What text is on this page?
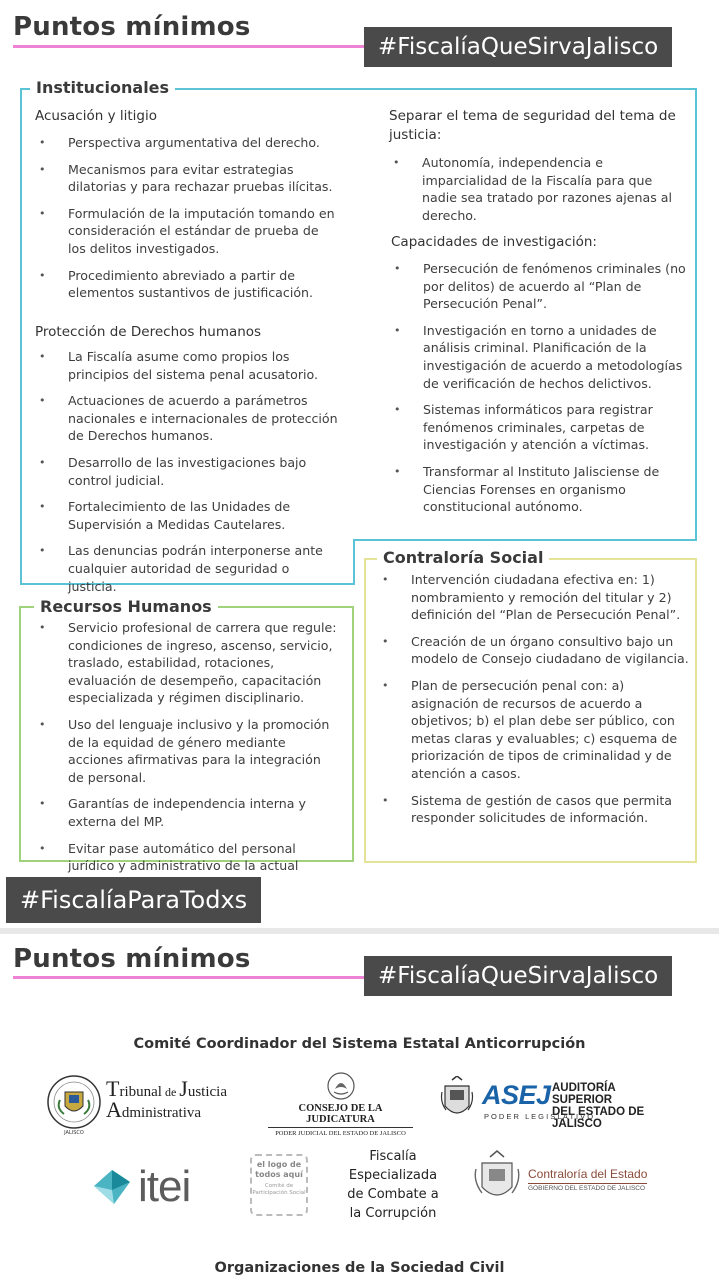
Puntos mínimos
#FiscalíaQueSirvaJalisco
Institucionales
Acusación y litigio
• Perspectiva argumentativa del derecho.
• Mecanismos para evitar estrategias dilatorias y para rechazar pruebas ilícitas.
• Formulación de la imputación tomando en consideración el estándar de prueba de los delitos investigados.
• Procedimiento abreviado a partir de elementos sustantivos de justificación.
Protección de Derechos humanos
• La Fiscalía asume como propios los principios del sistema penal acusatorio.
• Actuaciones de acuerdo a parámetros nacionales e internacionales de protección de Derechos humanos.
• Desarrollo de las investigaciones bajo control judicial.
• Fortalecimiento de las Unidades de Supervisión a Medidas Cautelares.
• Las denuncias podrán interponerse ante cualquier autoridad de seguridad o justicia.
Separar el tema de seguridad del tema de justicia:
• Autonomía, independencia e imparcialidad de la Fiscalía para que nadie sea tratado por razones ajenas al derecho.
Capacidades de investigación:
• Persecución de fenómenos criminales (no por delitos) de acuerdo al “Plan de Persecución Penal”.
• Investigación en torno a unidades de análisis criminal. Planificación de la investigación de acuerdo a metodologías de verificación de hechos delictivos.
• Sistemas informáticos para registrar fenómenos criminales, carpetas de investigación y atención a víctimas.
• Transformar al Instituto Jalisciense de Ciencias Forenses en organismo constitucional autónomo.
Recursos Humanos
• Servicio profesional de carrera que regule: condiciones de ingreso, ascenso, servicio, traslado, estabilidad, rotaciones, evaluación de desempeño, capacitación especializada y régimen disciplinario.
• Uso del lenguaje inclusivo y la promoción de la equidad de género mediante acciones afirmativas para la integración de personal.
• Garantías de independencia interna y externa del MP.
• Evitar pase automático del personal jurídico y administrativo de la actual
Contraloría Social
• Intervención ciudadana efectiva en: 1) nombramiento y remoción del titular y 2) definición del “Plan de Persecución Penal”.
• Creación de un órgano consultivo bajo un modelo de Consejo ciudadano de vigilancia.
• Plan de persecución penal con: a) asignación de recursos de acuerdo a objetivos; b) el plan debe ser público, con metas claras y evaluables; c) esquema de priorización de tipos de criminalidad y de atención a casos.
• Sistema de gestión de casos que permita responder solicitudes de información.
#FiscalíaParaTodxs
Puntos mínimos
#FiscalíaQueSirvaJalisco
Comité Coordinador del Sistema Estatal Anticorrupción
JALISCO
Tribunal de Justicia
Administrativa	CONSEJO DE LA JUDICATURA
PODER JUDICIAL DEL ESTADO DE JALISCO
ASEJ AUDITORÍA SUPERIOR
DEL ESTADO DE JALISCO
P O D E R   L E G I S L A T I V O
itei	el logo de
todos aquí
Comité de
Participación Social
Fiscalía
Especializada
de Combate a
la Corrupción
Contraloría del Estado
GOBIERNO DEL ESTADO DE JALISCO
Organizaciones de la Sociedad Civil
